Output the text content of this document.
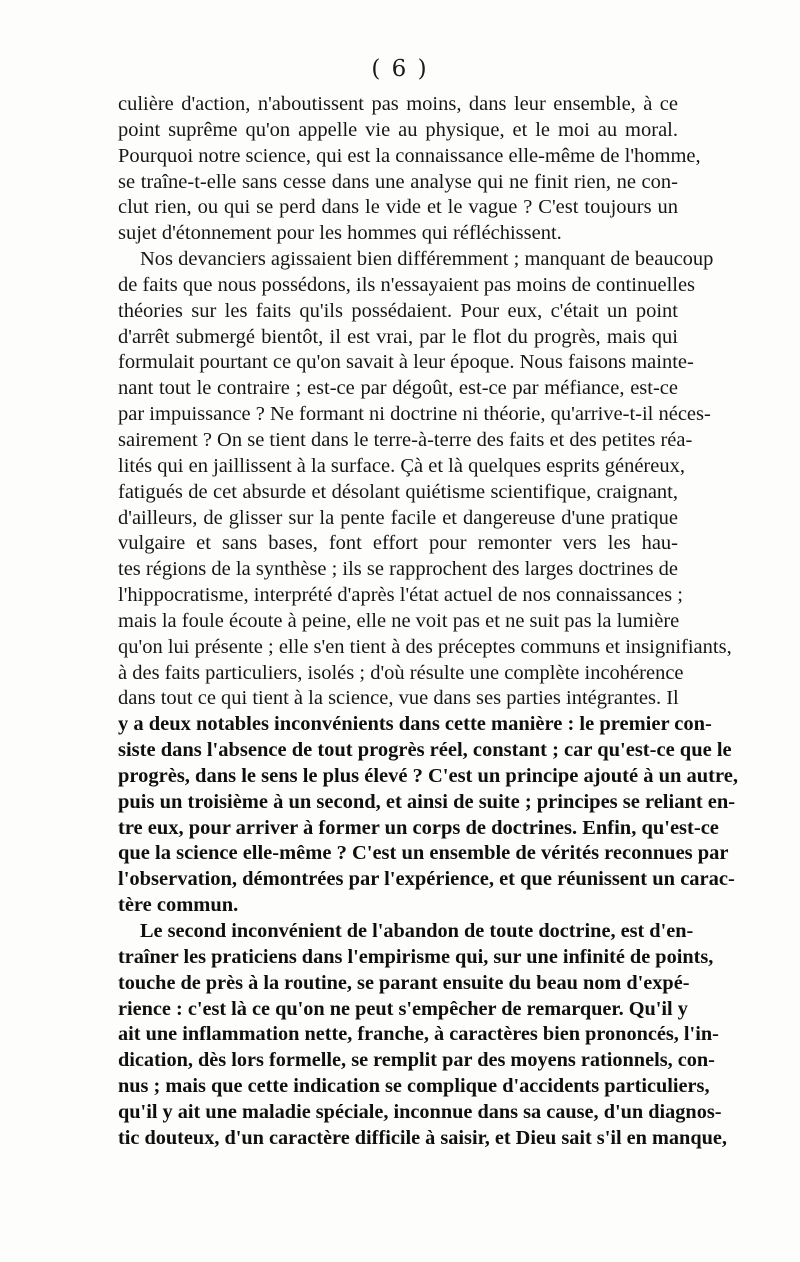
( 6 )
culière d'action, n'aboutissent pas moins, dans leur ensemble, à ce
point suprême qu'on appelle vie au physique, et le moi au moral.
Pourquoi notre science, qui est la connaissance elle-même de l'homme,
se traîne-t-elle sans cesse dans une analyse qui ne finit rien, ne con-
clut rien, ou qui se perd dans le vide et le vague ? C'est toujours un
sujet d'étonnement pour les hommes qui réfléchissent.
Nos devanciers agissaient bien différemment ; manquant de beaucoup
de faits que nous possédons, ils n'essayaient pas moins de continuelles
théories sur les faits qu'ils possédaient. Pour eux, c'était un point
d'arrêt submergé bientôt, il est vrai, par le flot du progrès, mais qui
formulait pourtant ce qu'on savait à leur époque. Nous faisons mainte-
nant tout le contraire ; est-ce par dégoût, est-ce par méfiance, est-ce
par impuissance ? Ne formant ni doctrine ni théorie, qu'arrive-t-il néces-
sairement ? On se tient dans le terre-à-terre des faits et des petites réa-
lités qui en jaillissent à la surface. Çà et là quelques esprits généreux,
fatigués de cet absurde et désolant quiétisme scientifique, craignant,
d'ailleurs, de glisser sur la pente facile et dangereuse d'une pratique
vulgaire et sans bases, font effort pour remonter vers les hau-
tes régions de la synthèse ; ils se rapprochent des larges doctrines de
l'hippocratisme, interprété d'après l'état actuel de nos connaissances ;
mais la foule écoute à peine, elle ne voit pas et ne suit pas la lumière
qu'on lui présente ; elle s'en tient à des préceptes communs et insignifiants,
à des faits particuliers, isolés ; d'où résulte une complète incohérence
dans tout ce qui tient à la science, vue dans ses parties intégrantes. Il
y a deux notables inconvénients dans cette manière : le premier con-
siste dans l'absence de tout progrès réel, constant ; car qu'est-ce que le
progrès, dans le sens le plus élevé ? C'est un principe ajouté à un autre,
puis un troisième à un second, et ainsi de suite ; principes se reliant en-
tre eux, pour arriver à former un corps de doctrines. Enfin, qu'est-ce
que la science elle-même ? C'est un ensemble de vérités reconnues par
l'observation, démontrées par l'expérience, et que réunissent un carac-
tère commun.
Le second inconvénient de l'abandon de toute doctrine, est d'en-
traîner les praticiens dans l'empirisme qui, sur une infinité de points,
touche de près à la routine, se parant ensuite du beau nom d'expé-
rience : c'est là ce qu'on ne peut s'empêcher de remarquer. Qu'il y
ait une inflammation nette, franche, à caractères bien prononcés, l'in-
dication, dès lors formelle, se remplit par des moyens rationnels, con-
nus ; mais que cette indication se complique d'accidents particuliers,
qu'il y ait une maladie spéciale, inconnue dans sa cause, d'un diagnos-
tic douteux, d'un caractère difficile à saisir, et Dieu sait s'il en manque,
